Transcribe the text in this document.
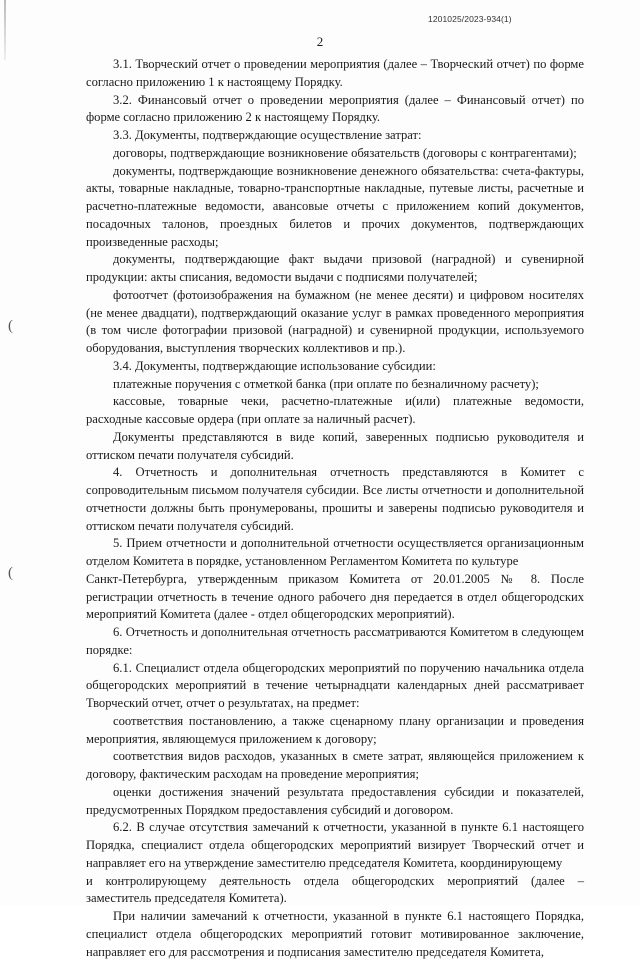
1201025/2023-934(1)
2
(
(

3.1. Творческий отчет о проведении мероприятия (далее – Творческий отчет) по форме согласно приложению 1 к настоящему Порядку.

3.2. Финансовый отчет о проведении мероприятия (далее – Финансовый отчет) по форме согласно приложению 2 к настоящему Порядку.

3.3. Документы, подтверждающие осуществление затрат:

договоры, подтверждающие возникновение обязательств (договоры с контрагентами);

документы, подтверждающие возникновение денежного обязательства: счета-фактуры, акты, товарные накладные, товарно-транспортные накладные, путевые листы, расчетные и расчетно-платежные ведомости, авансовые отчеты с приложением копий документов, посадочных талонов, проездных билетов и прочих документов, подтверждающих произведенные расходы;

документы, подтверждающие факт выдачи призовой (наградной) и сувенирной продукции: акты списания, ведомости выдачи с подписями получателей;

фотоотчет (фотоизображения на бумажном (не менее десяти) и цифровом носителях (не менее двадцати), подтверждающий оказание услуг в рамках проведенного мероприятия (в том числе фотографии призовой (наградной) и сувенирной продукции, используемого оборудования, выступления творческих коллективов и пр.).

3.4. Документы, подтверждающие использование субсидии:

платежные поручения с отметкой банка (при оплате по безналичному расчету);

кассовые, товарные чеки, расчетно-платежные и(или) платежные ведомости, расходные кассовые ордера (при оплате за наличный расчет).

Документы представляются в виде копий, заверенных подписью руководителя и оттиском печати получателя субсидий.

4. Отчетность и дополнительная отчетность представляются в Комитет с сопроводительным письмом получателя субсидии. Все листы отчетности и дополнительной отчетности должны быть пронумерованы, прошиты и заверены подписью руководителя и оттиском печати получателя субсидий.

5. Прием отчетности и дополнительной отчетности осуществляется организационным отделом Комитета в порядке, установленном Регламентом Комитета по культуре

Санкт-Петербурга, утвержденным приказом Комитета от 20.01.2005 № 8. После регистрации отчетность в течение одного рабочего дня передается в отдел общегородских мероприятий Комитета (далее - отдел общегородских мероприятий).

6. Отчетность и дополнительная отчетность рассматриваются Комитетом в следующем порядке:

6.1. Специалист отдела общегородских мероприятий по поручению начальника отдела общегородских мероприятий в течение четырнадцати календарных дней рассматривает Творческий отчет, отчет о результатах, на предмет:

соответствия постановлению, а также сценарному плану организации и проведения мероприятия, являющемуся приложением к договору;

соответствия видов расходов, указанных в смете затрат, являющейся приложением к договору, фактическим расходам на проведение мероприятия;

оценки достижения значений результата предоставления субсидии и показателей, предусмотренных Порядком предоставления субсидий и договором.

6.2. В случае отсутствия замечаний к отчетности, указанной в пункте 6.1 настоящего Порядка, специалист отдела общегородских мероприятий визирует Творческий отчет и направляет его на утверждение заместителю председателя Комитета, координирующему

и контролирующему деятельность отдела общегородских мероприятий (далее – заместитель председателя Комитета).

При наличии замечаний к отчетности, указанной в пункте 6.1 настоящего Порядка, специалист отдела общегородских мероприятий готовит мотивированное заключение, направляет его для рассмотрения и подписания заместителю председателя Комитета,
